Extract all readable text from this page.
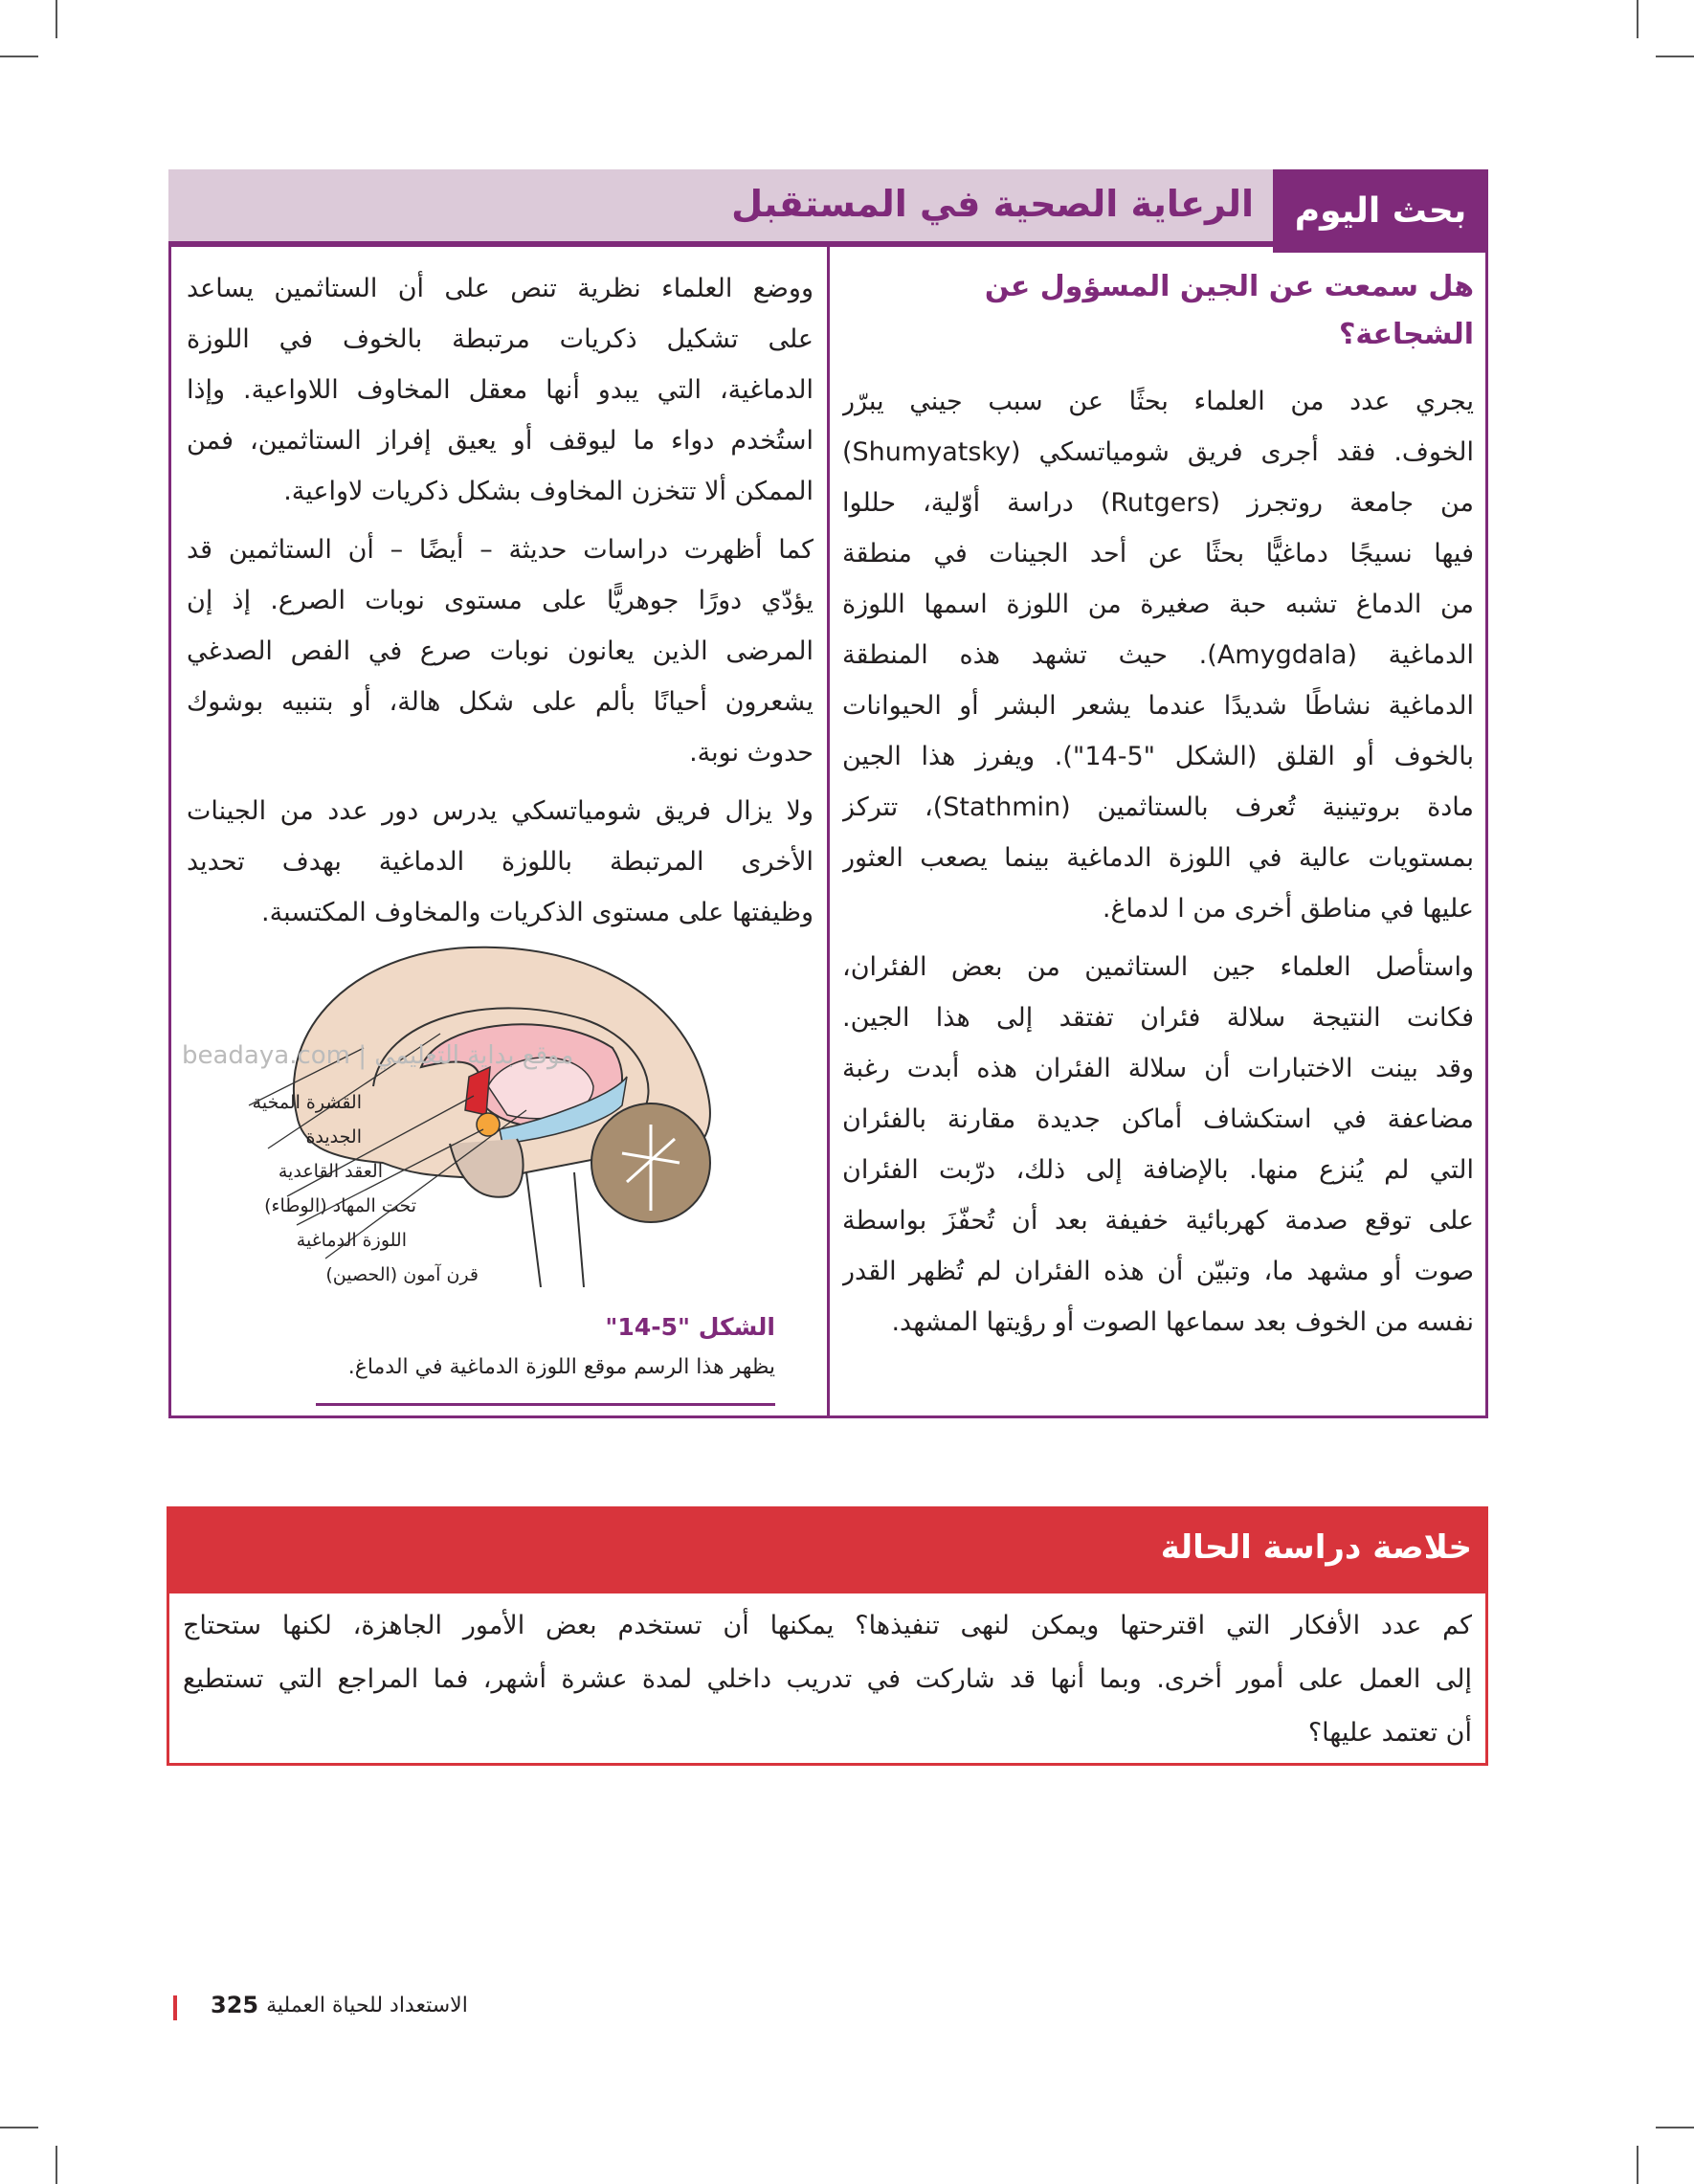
بحث اليوم
الرعاية الصحية في المستقبل
هل سمعت عن الجين المسؤول عن الشجاعة؟
يجري عدد من العلماء بحثًا عن سبب جيني يبرّر
الخوف. فقد أجرى فريق شومياتسكي (Shumyatsky)
من جامعة روتجرز (Rutgers) دراسة أوّلية، حللوا
فيها نسيجًا دماغيًّا بحثًا عن أحد الجينات في منطقة
من الدماغ تشبه حبة صغيرة من اللوزة اسمها اللوزة
الدماغية (Amygdala). حيث تشهد هذه المنطقة
الدماغية نشاطًا شديدًا عندما يشعر البشر أو الحيوانات
بالخوف أو القلق (الشكل "5-14"). ويفرز هذا الجين
مادة بروتينية تُعرف بالستاثمين (Stathmin)، تتركز
بمستويات عالية في اللوزة الدماغية بينما يصعب العثور
عليها في مناطق أخرى من ا لدماغ.
واستأصل العلماء جين الستاثمين من بعض الفئران،
فكانت النتيجة سلالة فئران تفتقد إلى هذا الجين.
وقد بينت الاختبارات أن سلالة الفئران هذه أبدت رغبة
مضاعفة في استكشاف أماكن جديدة مقارنة بالفئران
التي لم يُنزع منها. بالإضافة إلى ذلك، درّبت الفئران
على توقع صدمة كهربائية خفيفة بعد أن تُحفّزَ بواسطة
صوت أو مشهد ما، وتبيّن أن هذه الفئران لم تُظهر القدر
نفسه من الخوف بعد سماعها الصوت أو رؤيتها المشهد.
ووضع العلماء نظرية تنص على أن الستاثمين يساعد
على تشكيل ذكريات مرتبطة بالخوف في اللوزة
الدماغية، التي يبدو أنها معقل المخاوف اللاواعية. وإذا
استُخدم دواء ما ليوقف أو يعيق إفراز الستاثمين، فمن
الممكن ألا تتخزن المخاوف بشكل ذكريات لاواعية.
كما أظهرت دراسات حديثة – أيضًا – أن الستاثمين قد
يؤدّي دورًا جوهريًّا على مستوى نوبات الصرع. إذ إن
المرضى الذين يعانون نوبات صرع في الفص الصدغي
يشعرون أحيانًا بألم على شكل هالة، أو بتنبيه بوشوك
حدوث نوبة.
ولا يزال فريق شومياتسكي يدرس دور عدد من الجينات
الأخرى المرتبطة باللوزة الدماغية بهدف تحديد
وظيفتها على مستوى الذكريات والمخاوف المكتسبة.
beadaya.com | موقع بداية التعليمي
القشرة المخية
الجديدة
العقد القاعدية
تحت المهاد (الوطاء)
اللوزة الدماغية
قرن آمون (الحصين)
الشكل "5-14"
يظهر هذا الرسم موقع اللوزة الدماغية في الدماغ.
خلاصة دراسة الحالة
كم عدد الأفكار التي اقترحتها ويمكن لنهى تنفيذها؟ يمكنها أن تستخدم بعض الأمور الجاهزة، لكنها ستحتاج
إلى العمل على أمور أخرى. وبما أنها قد شاركت في تدريب داخلي لمدة عشرة أشهر، فما المراجع التي تستطيع
أن تعتمد عليها؟
الاستعداد للحياة العملية
325
